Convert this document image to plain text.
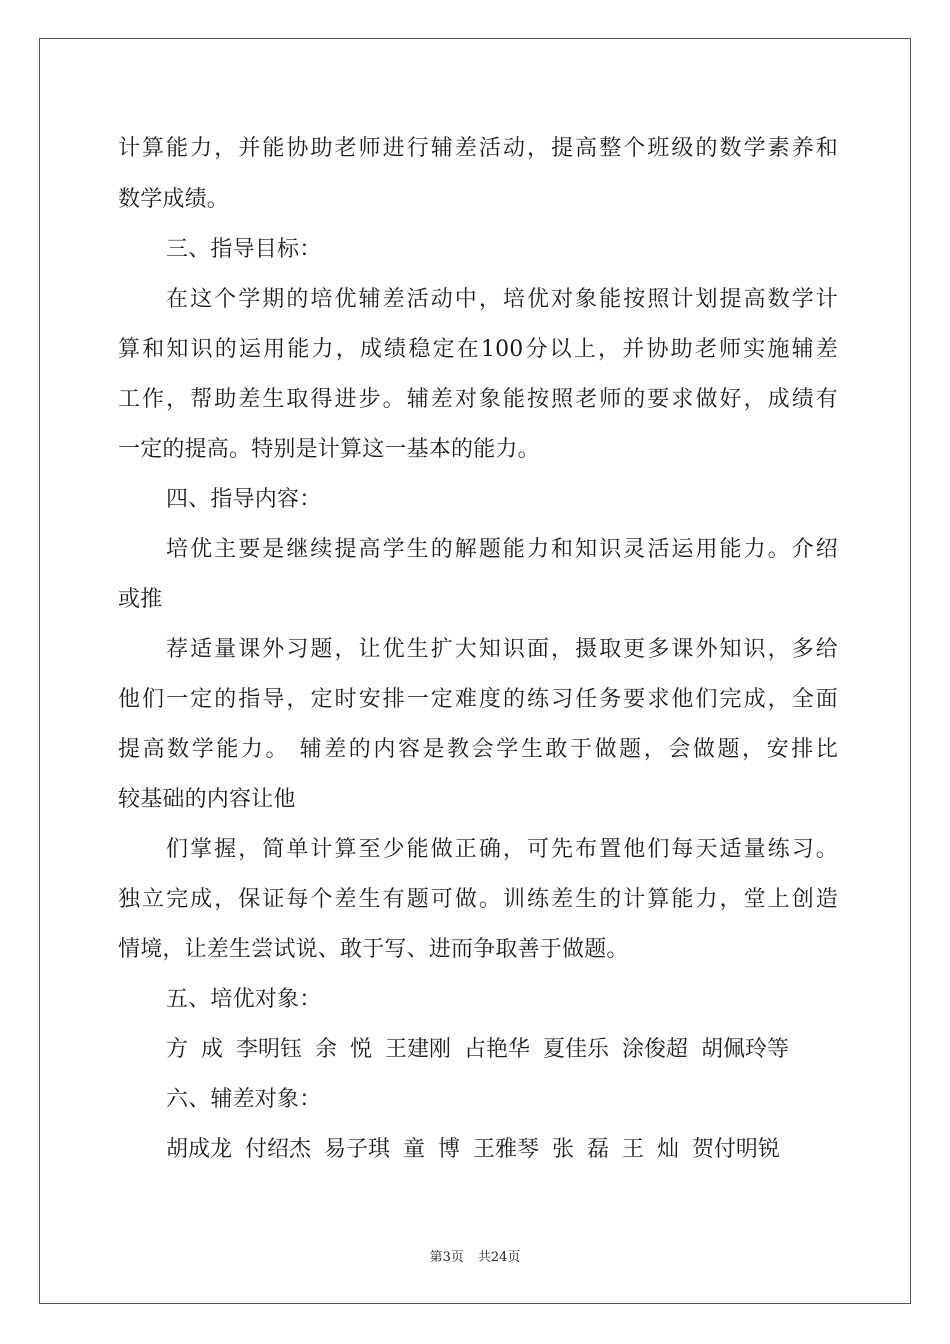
计算能力，并能协助老师进行辅差活动，提高整个班级的数学素养和
数学成绩。
三、指导目标：
在这个学期的培优辅差活动中，培优对象能按照计划提高数学计
算和知识的运用能力，成绩稳定在100分以上，并协助老师实施辅差
工作，帮助差生取得进步。辅差对象能按照老师的要求做好，成绩有
一定的提高。特别是计算这一基本的能力。
四、指导内容：
培优主要是继续提高学生的解题能力和知识灵活运用能力。介绍
或推
荐适量课外习题，让优生扩大知识面，摄取更多课外知识，多给
他们一定的指导，定时安排一定难度的练习任务要求他们完成，全面
提高数学能力。 辅差的内容是教会学生敢于做题，会做题，安排比
较基础的内容让他
们掌握，简单计算至少能做正确，可先布置他们每天适量练习。
独立完成，保证每个差生有题可做。训练差生的计算能力，堂上创造
情境，让差生尝试说、敢于写、进而争取善于做题。
五、培优对象：
方 成 李明钰 余 悦 王建刚 占艳华 夏佳乐 涂俊超 胡佩玲等
六、辅差对象：
胡成龙 付绍杰 易子琪 童 博 王雅琴 张 磊 王 灿 贺付明锐
第3页 共24页
